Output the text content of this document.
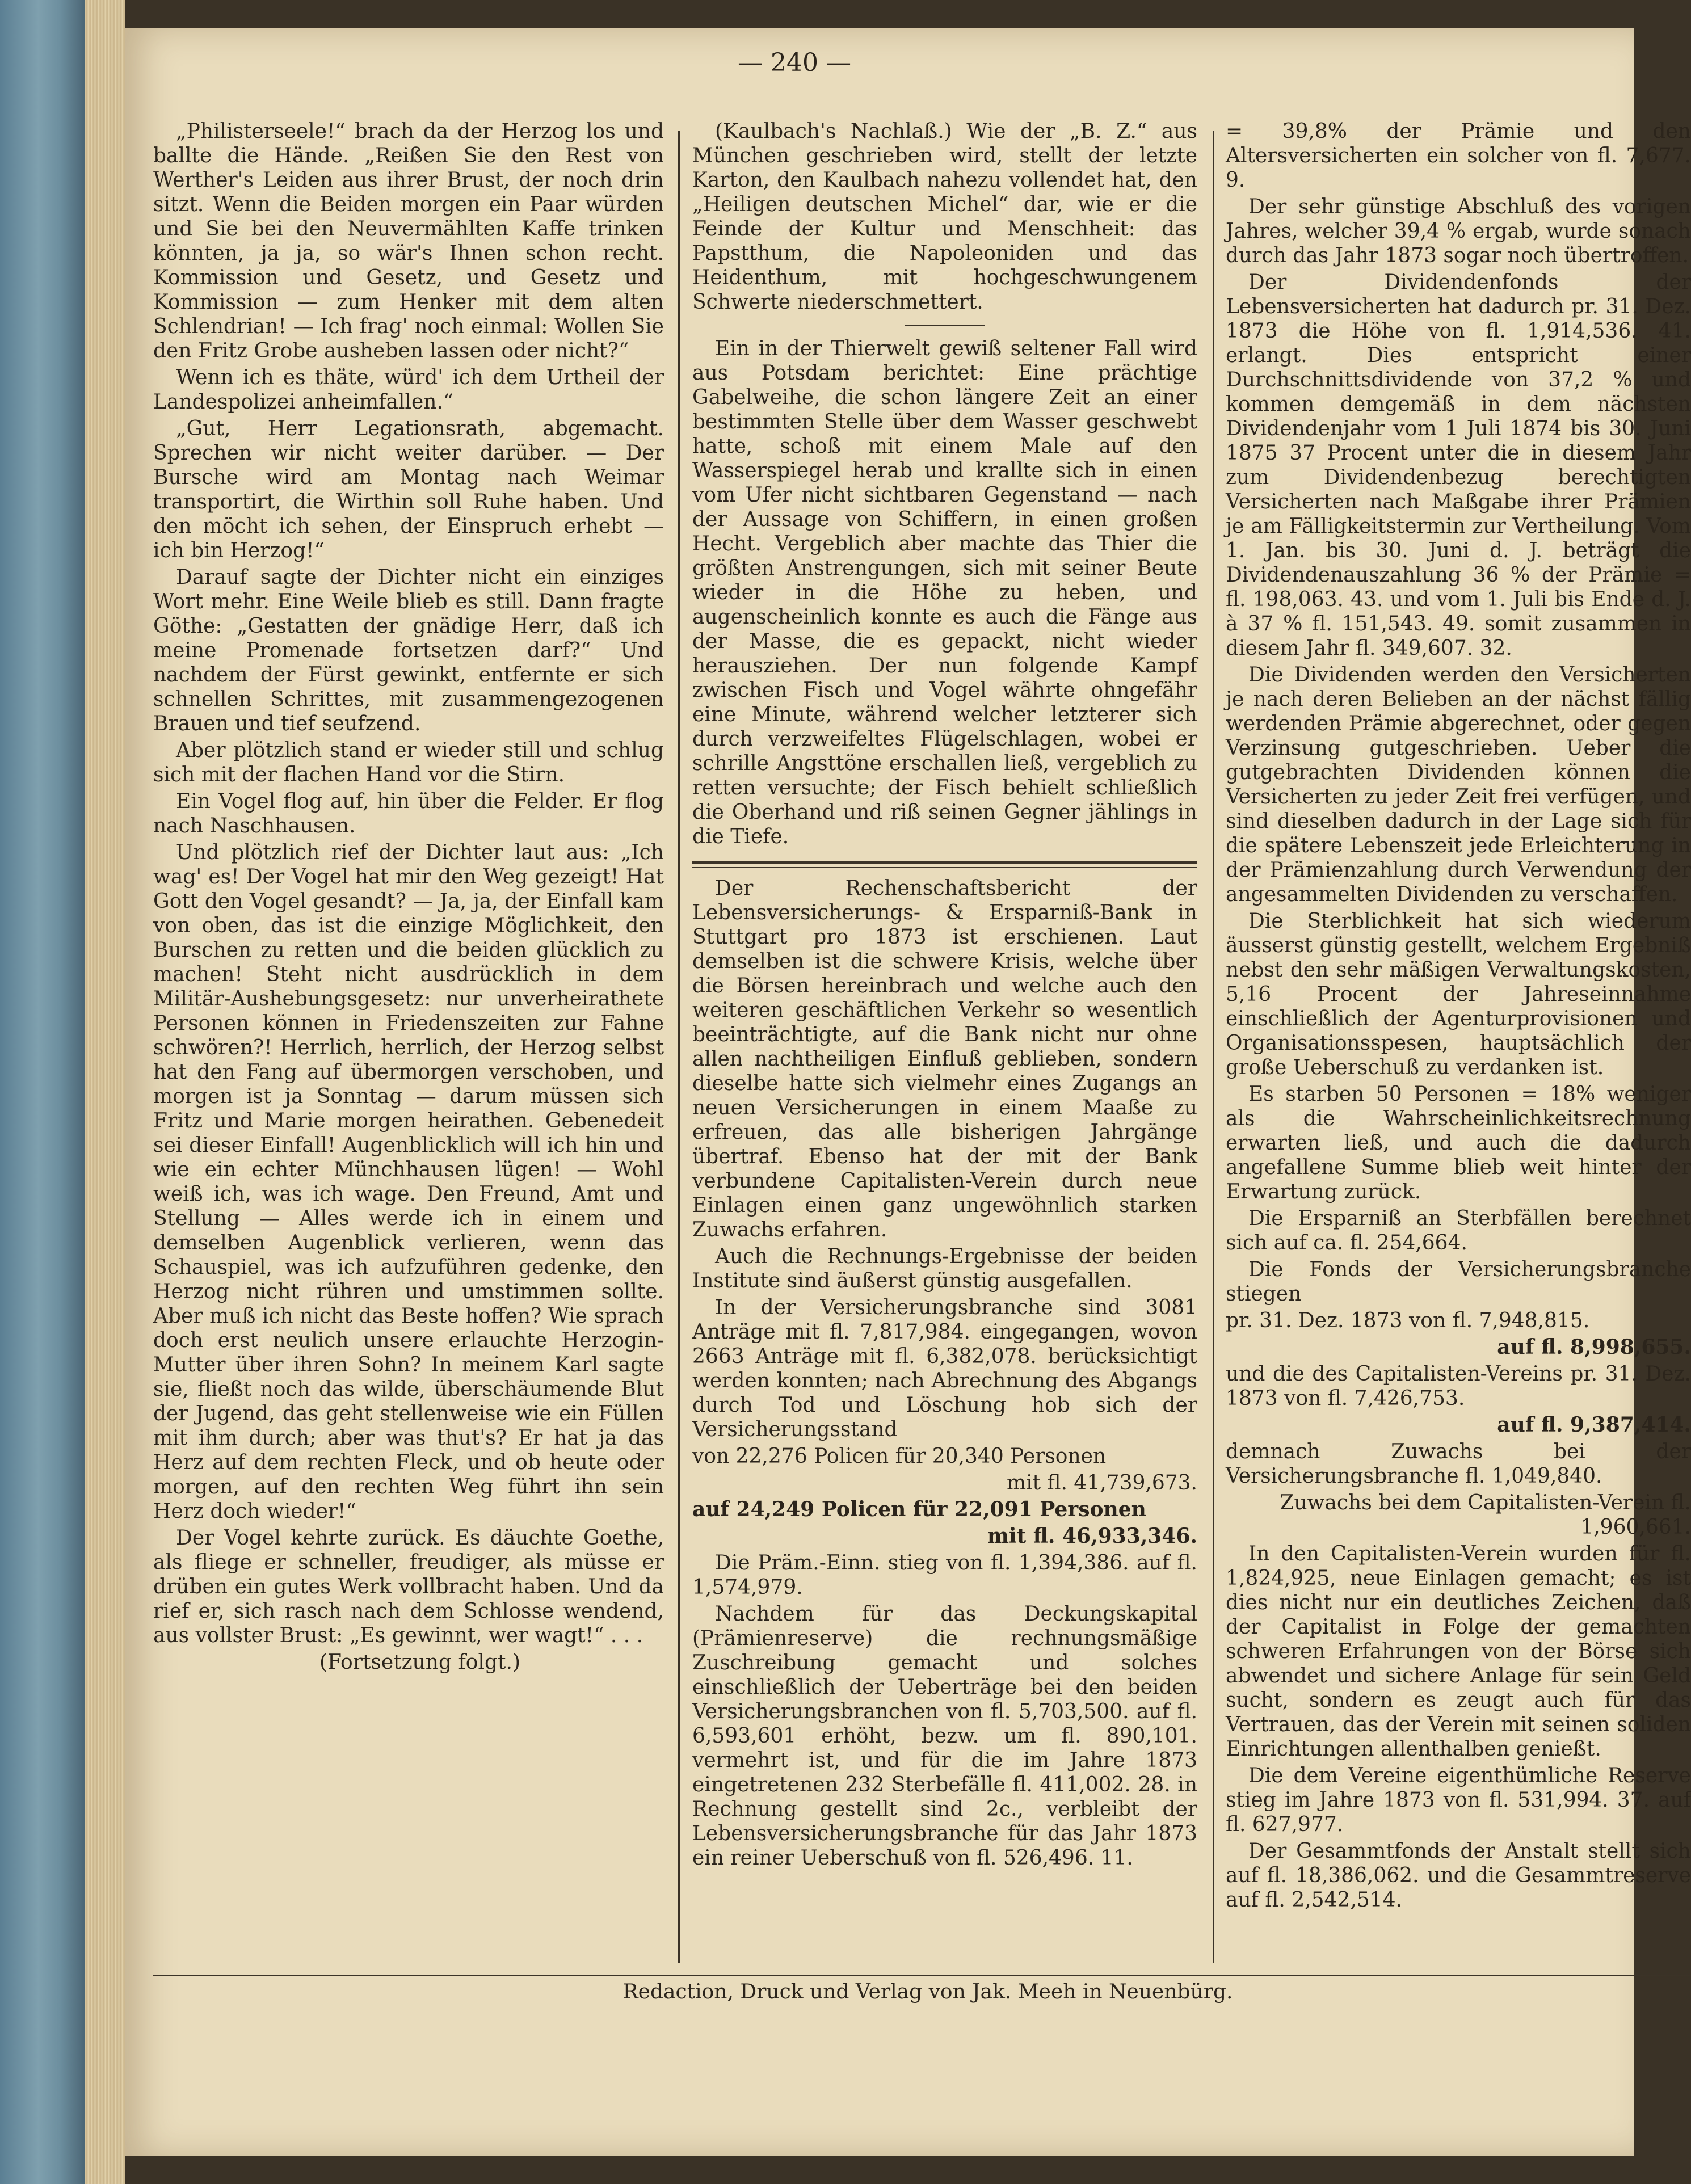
— 240 —

„Philisterseele!“ brach da der Herzog los und ballte die Hände. „Reißen Sie den Rest von Werther's Leiden aus ihrer Brust, der noch drin sitzt. Wenn die Beiden morgen ein Paar würden und Sie bei den Neuvermählten Kaffe trinken könnten, ja ja, so wär's Ihnen schon recht. Kommission und Gesetz, und Gesetz und Kommission — zum Henker mit dem alten Schlendrian! — Ich frag' noch einmal: Wollen Sie den Fritz Grobe ausheben lassen oder nicht?“

Wenn ich es thäte, würd' ich dem Urtheil der Landespolizei anheimfallen.“

„Gut, Herr Legationsrath, abgemacht. Sprechen wir nicht weiter darüber. — Der Bursche wird am Montag nach Weimar transportirt, die Wirthin soll Ruhe haben. Und den möcht ich sehen, der Einspruch erhebt — ich bin Herzog!“

Darauf sagte der Dichter nicht ein einziges Wort mehr. Eine Weile blieb es still. Dann fragte Göthe: „Gestatten der gnädige Herr, daß ich meine Promenade fortsetzen darf?“ Und nachdem der Fürst gewinkt, entfernte er sich schnellen Schrittes, mit zusammengezogenen Brauen und tief seufzend.

Aber plötzlich stand er wieder still und schlug sich mit der flachen Hand vor die Stirn.

Ein Vogel flog auf, hin über die Felder. Er flog nach Naschhausen.

Und plötzlich rief der Dichter laut aus: „Ich wag' es! Der Vogel hat mir den Weg gezeigt! Hat Gott den Vogel gesandt? — Ja, ja, der Einfall kam von oben, das ist die einzige Möglichkeit, den Burschen zu retten und die beiden glücklich zu machen! Steht nicht ausdrücklich in dem Militär-Aushebungsgesetz: nur unverheirathete Personen können in Friedenszeiten zur Fahne schwören?! Herrlich, herrlich, der Herzog selbst hat den Fang auf übermorgen verschoben, und morgen ist ja Sonntag — darum müssen sich Fritz und Marie morgen heirathen. Gebenedeit sei dieser Einfall! Augenblicklich will ich hin und wie ein echter Münchhausen lügen! — Wohl weiß ich, was ich wage. Den Freund, Amt und Stellung — Alles werde ich in einem und demselben Augenblick verlieren, wenn das Schauspiel, was ich aufzuführen gedenke, den Herzog nicht rühren und umstimmen sollte. Aber muß ich nicht das Beste hoffen? Wie sprach doch erst neulich unsere erlauchte Herzogin-Mutter über ihren Sohn? In meinem Karl sagte sie, fließt noch das wilde, überschäumende Blut der Jugend, das geht stellenweise wie ein Füllen mit ihm durch; aber was thut's? Er hat ja das Herz auf dem rechten Fleck, und ob heute oder morgen, auf den rechten Weg führt ihn sein Herz doch wieder!“

Der Vogel kehrte zurück. Es däuchte Goethe, als fliege er schneller, freudiger, als müsse er drüben ein gutes Werk vollbracht haben. Und da rief er, sich rasch nach dem Schlosse wendend, aus vollster Brust: „Es gewinnt, wer wagt!“ . . .

(Fortsetzung folgt.)

(Kaulbach's Nachlaß.) Wie der „B. Z.“ aus München geschrieben wird, stellt der letzte Karton, den Kaulbach nahezu vollendet hat, den „Heiligen deutschen Michel“ dar, wie er die Feinde der Kultur und Menschheit: das Papstthum, die Napoleoniden und das Heidenthum, mit hochgeschwungenem Schwerte niederschmettert.

Ein in der Thierwelt gewiß seltener Fall wird aus Potsdam berichtet: Eine prächtige Gabelweihe, die schon längere Zeit an einer bestimmten Stelle über dem Wasser geschwebt hatte, schoß mit einem Male auf den Wasserspiegel herab und krallte sich in einen vom Ufer nicht sichtbaren Gegenstand — nach der Aussage von Schiffern, in einen großen Hecht. Vergeblich aber machte das Thier die größten Anstrengungen, sich mit seiner Beute wieder in die Höhe zu heben, und augenscheinlich konnte es auch die Fänge aus der Masse, die es gepackt, nicht wieder herausziehen. Der nun folgende Kampf zwischen Fisch und Vogel währte ohngefähr eine Minute, während welcher letzterer sich durch verzweifeltes Flügelschlagen, wobei er schrille Angsttöne erschallen ließ, vergeblich zu retten versuchte; der Fisch behielt schließlich die Oberhand und riß seinen Gegner jählings in die Tiefe.

Der Rechenschaftsbericht der Lebensversicherungs- & Ersparniß-Bank in Stuttgart pro 1873 ist erschienen. Laut demselben ist die schwere Krisis, welche über die Börsen hereinbrach und welche auch den weiteren geschäftlichen Verkehr so wesentlich beeinträchtigte, auf die Bank nicht nur ohne allen nachtheiligen Einfluß geblieben, sondern dieselbe hatte sich vielmehr eines Zugangs an neuen Versicherungen in einem Maaße zu erfreuen, das alle bisherigen Jahrgänge übertraf. Ebenso hat der mit der Bank verbundene Capitalisten-Verein durch neue Einlagen einen ganz ungewöhnlich starken Zuwachs erfahren.

Auch die Rechnungs-Ergebnisse der beiden Institute sind äußerst günstig ausgefallen.

In der Versicherungsbranche sind 3081 Anträge mit fl. 7,817,984. eingegangen, wovon 2663 Anträge mit fl. 6,382,078. berücksichtigt werden konnten; nach Abrechnung des Abgangs durch Tod und Löschung hob sich der Versicherungsstand

von 22,276 Policen für 20,340 Personen

mit fl. 41,739,673.

auf 24,249 Policen für 22,091 Personen

mit fl. 46,933,346.

Die Präm.-Einn. stieg von fl. 1,394,386. auf fl. 1,574,979.

Nachdem für das Deckungskapital (Prämienreserve) die rechnungsmäßige Zuschreibung gemacht und solches einschließlich der Ueberträge bei den beiden Versicherungsbranchen von fl. 5,703,500. auf fl. 6,593,601 erhöht, bezw. um fl. 890,101. vermehrt ist, und für die im Jahre 1873 eingetretenen 232 Sterbefälle fl. 411,002. 28. in Rechnung gestellt sind 2c., verbleibt der Lebensversicherungsbranche für das Jahr 1873 ein reiner Ueberschuß von fl. 526,496. 11.

= 39,8% der Prämie und den Altersversicherten ein solcher von fl. 7,677. 9.

Der sehr günstige Abschluß des vorigen Jahres, welcher 39,4 % ergab, wurde sonach durch das Jahr 1873 sogar noch übertroffen.

Der Dividendenfonds der Lebensversicherten hat dadurch pr. 31. Dez. 1873 die Höhe von fl. 1,914,536. 41. erlangt. Dies entspricht einer Durchschnittsdividende von 37,2 % und kommen demgemäß in dem nächsten Dividendenjahr vom 1 Juli 1874 bis 30. Juni 1875 37 Procent unter die in diesem Jahr zum Dividendenbezug berechtigten Versicherten nach Maßgabe ihrer Prämien je am Fälligkeitstermin zur Vertheilung. Vom 1. Jan. bis 30. Juni d. J. beträgt die Dividendenauszahlung 36 % der Prämie = fl. 198,063. 43. und vom 1. Juli bis Ende d. J. à 37 % fl. 151,543. 49. somit zusammen in diesem Jahr fl. 349,607. 32.

Die Dividenden werden den Versicherten je nach deren Belieben an der nächst fällig werdenden Prämie abgerechnet, oder gegen Verzinsung gutgeschrieben. Ueber die gutgebrachten Dividenden können die Versicherten zu jeder Zeit frei verfügen, und sind dieselben dadurch in der Lage sich für die spätere Lebenszeit jede Erleichterung in der Prämienzahlung durch Verwendung der angesammelten Dividenden zu verschaffen.

Die Sterblichkeit hat sich wiederum äusserst günstig gestellt, welchem Ergebniß nebst den sehr mäßigen Verwaltungskosten, 5,16 Procent der Jahreseinnahme einschließlich der Agenturprovisionen und Organisationsspesen, hauptsächlich der große Ueberschuß zu verdanken ist.

Es starben 50 Personen = 18% weniger als die Wahrscheinlichkeitsrechnung erwarten ließ, und auch die dadurch angefallene Summe blieb weit hinter der Erwartung zurück.

Die Ersparniß an Sterbfällen berechnet sich auf ca. fl. 254,664.

Die Fonds der Versicherungsbranche stiegen

pr. 31. Dez. 1873 von fl. 7,948,815.

auf fl. 8,998,655.

und die des Capitalisten-Vereins pr. 31. Dez. 1873 von fl. 7,426,753.

auf fl. 9,387,414.

demnach Zuwachs bei der Versicherungsbranche fl. 1,049,840.

Zuwachs bei dem Capitalisten-Verein fl. 1,960,661.

In den Capitalisten-Verein wurden für fl. 1,824,925, neue Einlagen gemacht; es ist dies nicht nur ein deutliches Zeichen, daß der Capitalist in Folge der gemachten schweren Erfahrungen von der Börse sich abwendet und sichere Anlage für sein Geld sucht, sondern es zeugt auch für das Vertrauen, das der Verein mit seinen soliden Einrichtungen allenthalben genießt.

Die dem Vereine eigenthümliche Reserve stieg im Jahre 1873 von fl. 531,994. 37. auf fl. 627,977.

Der Gesammtfonds der Anstalt stellt sich auf fl. 18,386,062. und die Gesammtreserve auf fl. 2,542,514.

Redaction, Druck und Verlag von Jak. Meeh in Neuenbürg.
